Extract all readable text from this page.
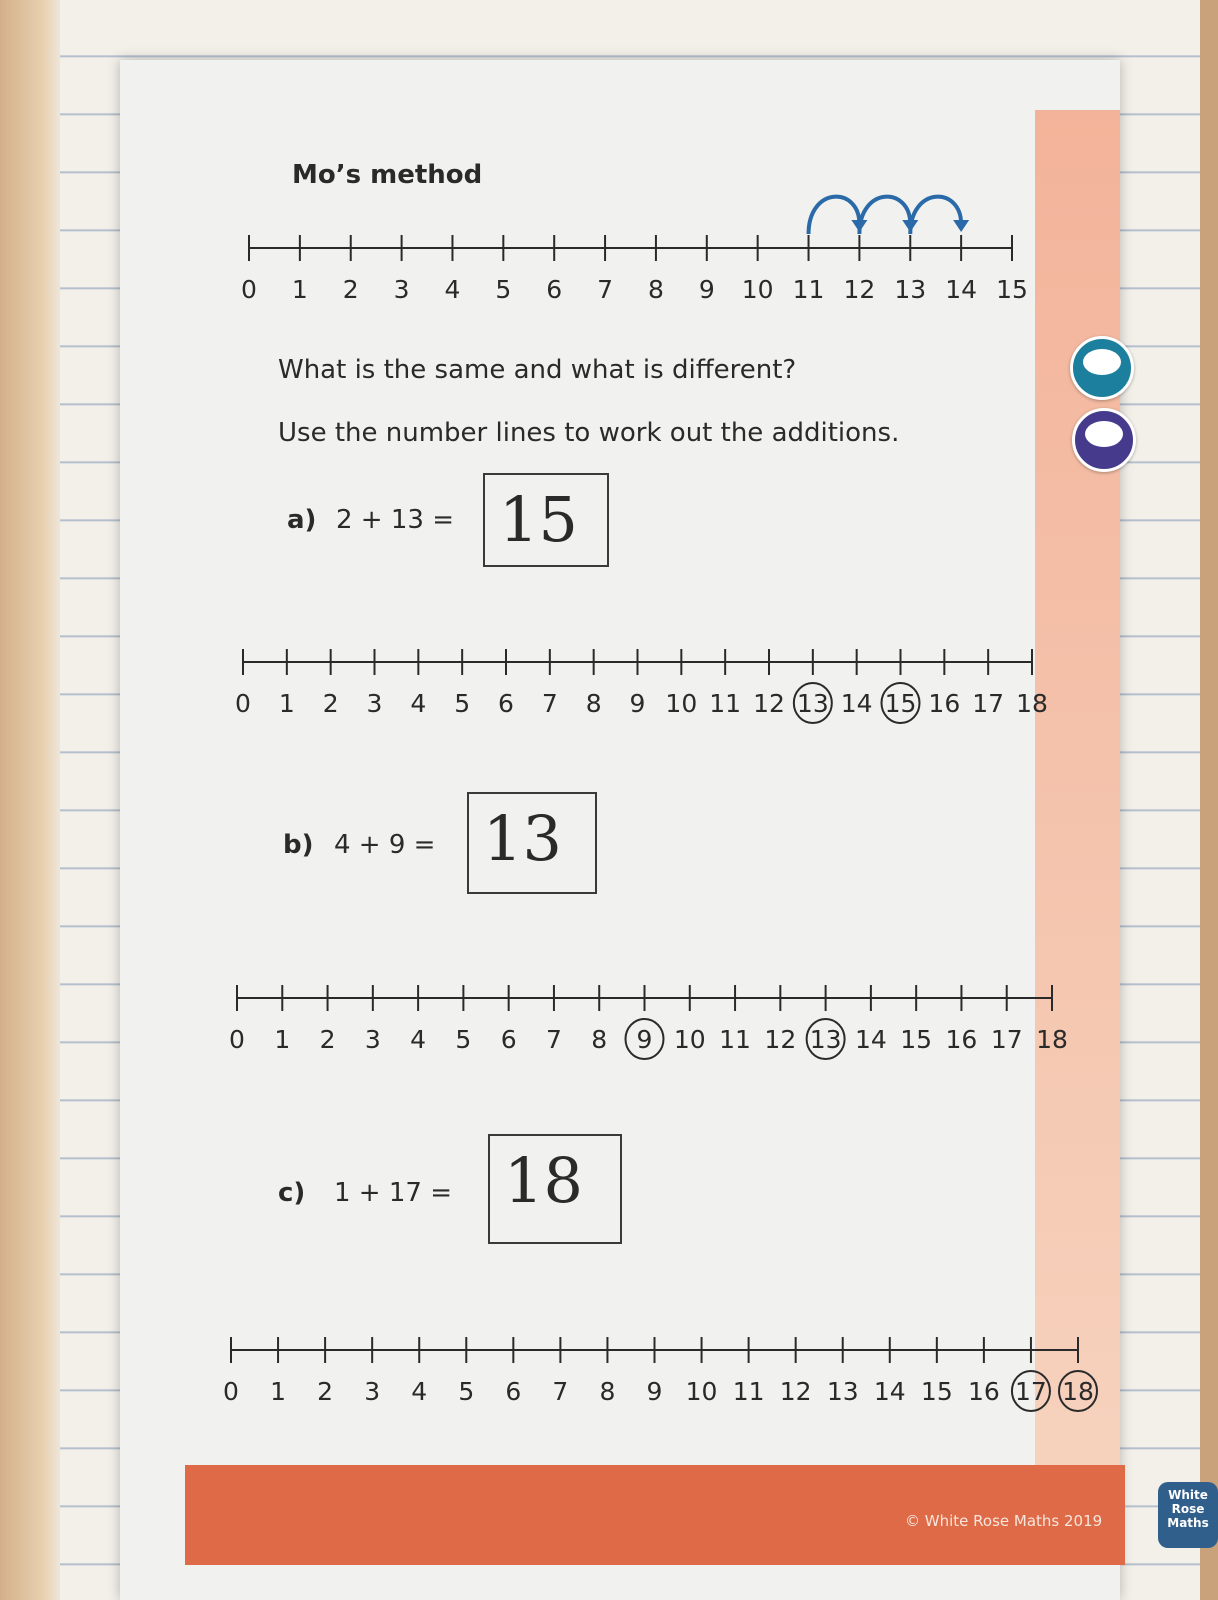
Mo’s method
0 1 2 3 4 5 6 7 8 9 10 11 12 13 14 15
What is the same and what is different?
Use the number lines to work out the additions.
a) 2 + 13 = 15
0 1 2 3 4 5 6 7 8 9 10 11 12 13 14 15 16 17 18
b) 4 + 9 = 13
0 1 2 3 4 5 6 7 8 9 10 11 12 13 14 15 16 17 18
c) 1 + 17 = 18
0 1 2 3 4 5 6 7 8 9 10 11 12 13 14 15 16 17 18
© White Rose Maths 2019
White
Rose
Maths
